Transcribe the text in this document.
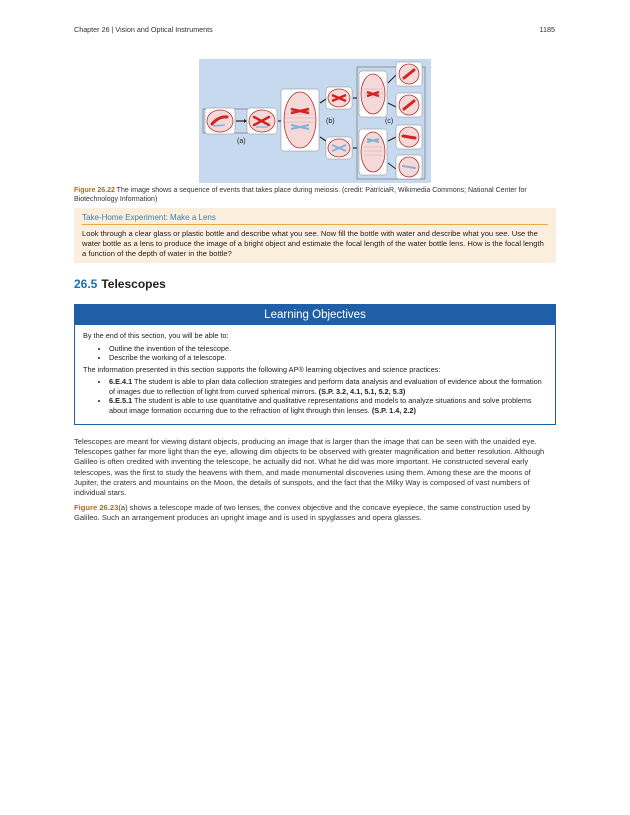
Chapter 26 | Vision and Optical Instruments	1185
(a)
(b)	(c)
Figure 26.22 The image shows a sequence of events that takes place during meiosis. (credit: PatríciaR, Wikimedia Commons; National Center for Biotechnology Information)
Take-Home Experiment: Make a Lens
Look through a clear glass or plastic bottle and describe what you see. Now fill the bottle with water and describe what you see. Use the water bottle as a lens to produce the image of a bright object and estimate the focal length of the water bottle lens. How is the focal length a function of the depth of water in the bottle?
26.5 Telescopes
Learning Objectives

By the end of this section, you will be able to:

• Outline the invention of the telescope.
• Describe the working of a telescope.

The information presented in this section supports the following AP® learning objectives and science practices:

• 6.E.4.1 The student is able to plan data collection strategies and perform data analysis and evaluation of evidence about the formation of images due to reflection of light from curved spherical mirrors. (S.P. 3.2, 4.1, 5.1, 5.2, 5.3)
• 6.E.5.1 The student is able to use quantitative and qualitative representations and models to analyze situations and solve problems about image formation occurring due to the refraction of light through thin lenses. (S.P. 1.4, 2.2)

Telescopes are meant for viewing distant objects, producing an image that is larger than the image that can be seen with the unaided eye. Telescopes gather far more light than the eye, allowing dim objects to be observed with greater magnification and better resolution. Although Galileo is often credited with inventing the telescope, he actually did not. What he did was more important. He constructed several early telescopes, was the first to study the heavens with them, and made monumental discoveries using them. Among these are the moons of Jupiter, the craters and mountains on the Moon, the details of sunspots, and the fact that the Milky Way is composed of vast numbers of individual stars.

Figure 26.23(a) shows a telescope made of two lenses, the convex objective and the concave eyepiece, the same construction used by Galileo. Such an arrangement produces an upright image and is used in spyglasses and opera glasses.
